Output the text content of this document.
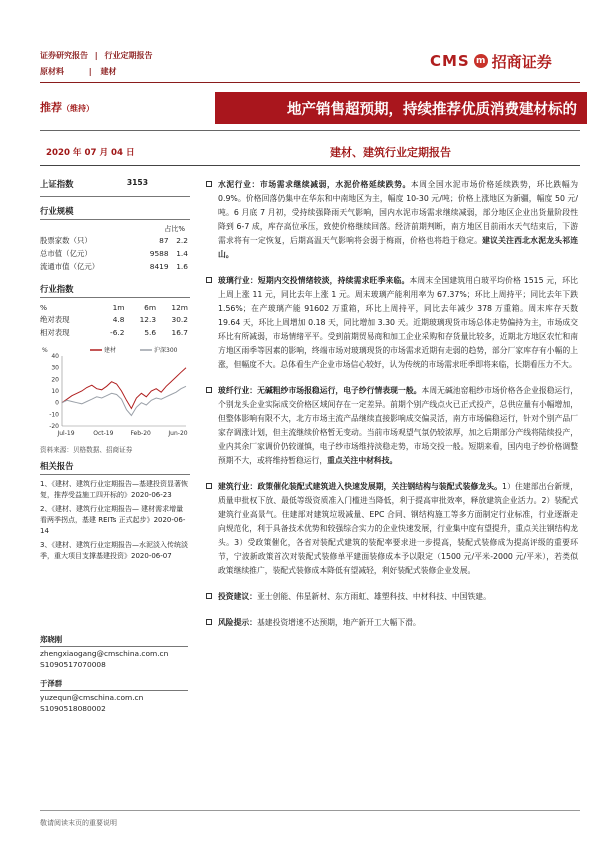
证券研究报告 | 行业定期报告
原材料	| 建材
CMS m 招商证券
推荐（维持）	地产销售超预期，持续推荐优质消费建材标的
2020 年 07 月 04 日	建材、建筑行业定期报告
上证指数	3153
行业规模
占比%
股票家数（只）	87	2.2
总市值（亿元）	9588	1.4
流通市值（亿元）	8419	1.6
行业指数
%	1m	6m	12m
绝对表现	4.8	12.3	30.2
相对表现	-6.2	5.6	16.7
-20
-10
0
10
20
30
40
%
Jul-19	Oct-19	Feb-20	Jun-20
建材	沪深300
资料来源：贝格数据、招商证券
相关报告
1、《建材、建筑行业定期报告—基建投资显著恢复，推荐受益施工四开标的》2020-06-23
2、《建材、建筑行业定期报告— 建材需求增量看两季拐点，基建 REITs 正式起步》2020-06-14
3、《建材、建筑行业定期报告—水泥淡入传统淡季，重大项目支撑基建投资》2020-06-07
郑晓刚
zhengxiaogang@cmschina.com.cn
S1090517070008
于泽群
yuzequn@cmschina.com.cn
S1090518080002
水泥行业：市场需求继续减弱，水泥价格延续跌势。本周全国水泥市场价格延续跌势，环比跌幅为 0.9%。价格回落仍集中在华东和中南地区为主，幅度 10-30 元/吨；价格上涨地区为新疆，幅度 50 元/吨。6 月底 7 月初，受持续强降雨天气影响，国内水泥市场需求继续减弱，部分地区企业出货量阶段性降到 6-7 成，库存高位承压，致使价格继续回落。经济前期判断，南方地区目前雨水天气结束后，下游需求将有一定恢复，后期高温天气影响将会弱于梅雨，价格也将趋于稳定。建议关注西北水泥龙头祁连山。
玻璃行业：短期内交投情绪较淡，持续需求旺季来临。本周末全国建筑用白玻平均价格 1515 元，环比上周上涨 11 元，同比去年上涨 1 元。周末玻璃产能利用率为 67.37%；环比上周持平；同比去年下跌 1.56%；在产玻璃产能 91602 万重箱，环比上周持平，同比去年减少 378 万重箱。周末库存天数 19.64 天，环比上周增加 0.18 天，同比增加 3.30 天。近期玻璃现货市场总体走势偏持为主，市场成交环比有所减弱，市场情绪平平。受到前期贸易商和加工企业采购和存货量比较多，近期北方地区农忙和南方地区雨季等因素的影响，终端市场对玻璃现货的市场需求近期有走弱的趋势，部分厂家库存有小幅的上涨，但幅度不大。总体看生产企业市场信心较好，认为传统的市场需求旺季即将来临，长期看压力不大。
玻纤行业：无碱粗纱市场报稳运行，电子纱行情表现一般。本周无碱池窑粗纱市场价格各企业报稳运行，个别龙头企业实际成交价格区域间存在一定差异。前期个别产线点火已正式投产，总供应量有小幅增加，但整体影响有限不大，北方市场主流产品继续直接影响成交偏灵活，南方市场偏稳运行，针对个别产品厂家存调涨计划，但主流继续价格暂无变动。当前市场观望气氛仍较浓厚，加之后期部分产线将陆续投产，业内其余厂家调价仍较谨慎，电子纱市场维持淡稳走势，市场交投一般。短期来看，国内电子纱价格调整预期不大，或将维持暂稳运行，重点关注中材科技。
建筑行业：政策催化装配式建筑进入快速发展期，关注钢结构与装配式装修龙头。1）住建部出台新规，质量申批权下放、最低等级资质准入门槛进当降低，利于提高审批效率，释放建筑企业活力。2）装配式建筑行业高景气。住建部对建筑垃圾减量、EPC 合同、钢结构施工等多方面制定行业标准，行业逐渐走向规范化，利于具备技术优势和较强综合实力的企业快速发展，行业集中度有望提升，重点关注钢结构龙头。3）受政策催化，各省对装配式建筑的装配率要求进一步提高，装配式装修成为提高评级的重要环节，宁波新政策首次对装配式装修单平建面装修成本予以限定（1500 元/平米-2000 元/平米），若类似政策继续推广，装配式装修成本降低有望减轻，利好装配式装修企业发展。
投资建议：亚士创能、伟星新材、东方雨虹、雄塑科技、中材科技、中国铁建。
风险提示：基建投资增速不达预期，地产新开工大幅下滑。
敬请阅读末页的重要说明
